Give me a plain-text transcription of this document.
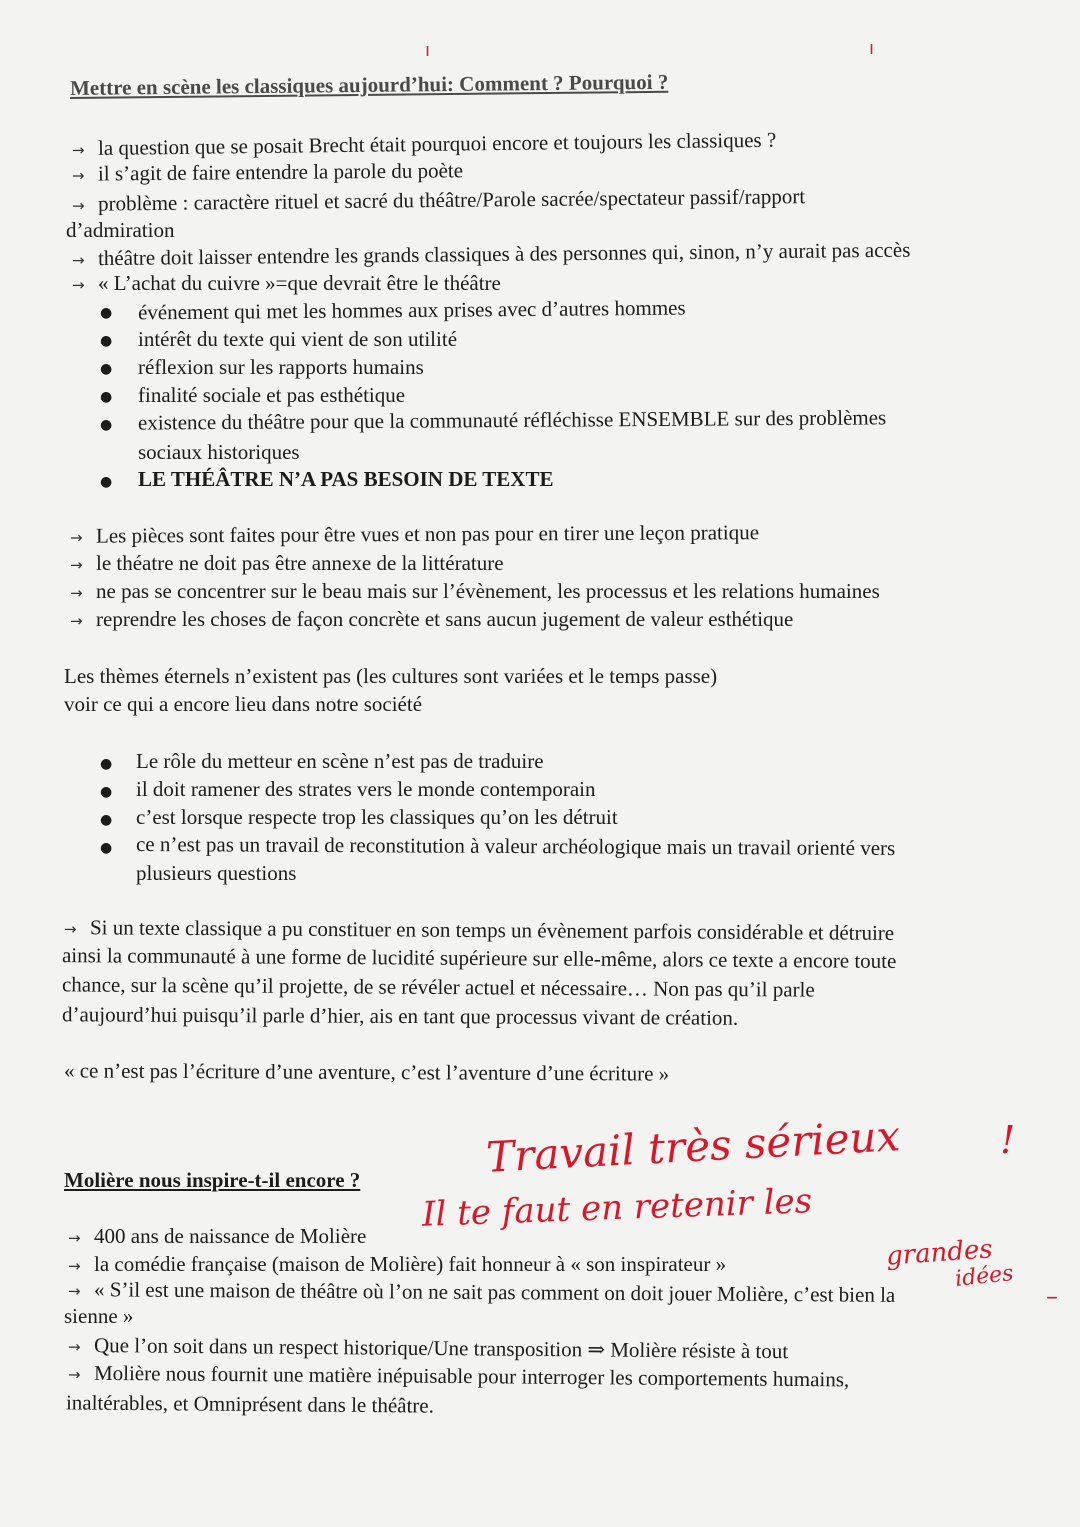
ı	ı
Mettre en scène les classiques aujourd’hui: Comment ? Pourquoi ?
→ la question que se posait Brecht était pourquoi encore et toujours les classiques ?
→ il s’agit de faire entendre la parole du poète
→ problème : caractère rituel et sacré du théâtre/Parole sacrée/spectateur passif/rapport
d’admiration
→ théâtre doit laisser entendre les grands classiques à des personnes qui, sinon, n’y aurait pas accès
→ « L’achat du cuivre »=que devrait être le théâtre
● événement qui met les hommes aux prises avec d’autres hommes
● intérêt du texte qui vient de son utilité
● réflexion sur les rapports humains
● finalité sociale et pas esthétique
● existence du théâtre pour que la communauté réfléchisse ENSEMBLE sur des problèmes
sociaux historiques
● LE THÉÂTRE N’A PAS BESOIN DE TEXTE
→ Les pièces sont faites pour être vues et non pas pour en tirer une leçon pratique
→ le théatre ne doit pas être annexe de la littérature
→ ne pas se concentrer sur le beau mais sur l’évènement, les processus et les relations humaines
→ reprendre les choses de façon concrète et sans aucun jugement de valeur esthétique
Les thèmes éternels n’existent pas (les cultures sont variées et le temps passe)
voir ce qui a encore lieu dans notre société
● Le rôle du metteur en scène n’est pas de traduire
● il doit ramener des strates vers le monde contemporain
● c’est lorsque respecte trop les classiques qu’on les détruit
● ce n’est pas un travail de reconstitution à valeur archéologique mais un travail orienté vers
plusieurs questions
→ Si un texte classique a pu constituer en son temps un évènement parfois considérable et détruire
ainsi la communauté à une forme de lucidité supérieure sur elle-même, alors ce texte a encore toute
chance, sur la scène qu’il projette, de se révéler actuel et nécessaire… Non pas qu’il parle
d’aujourd’hui puisqu’il parle d’hier, ais en tant que processus vivant de création.
« ce n’est pas l’écriture d’une aventure, c’est l’aventure d’une écriture »
Molière nous inspire-t-il encore ?
→ 400 ans de naissance de Molière
→ la comédie française (maison de Molière) fait honneur à « son inspirateur »
→ « S’il est une maison de théâtre où l’on ne sait pas comment on doit jouer Molière, c’est bien la
sienne »
→ Que l’on soit dans un respect historique/Une transposition ⇒ Molière résiste à tout
→ Molière nous fournit une matière inépuisable pour interroger les comportements humains,
inaltérables, et Omniprésent dans le théâtre.
Travail très sérieux	!
Il te faut en retenir les
grandes
idées
–
